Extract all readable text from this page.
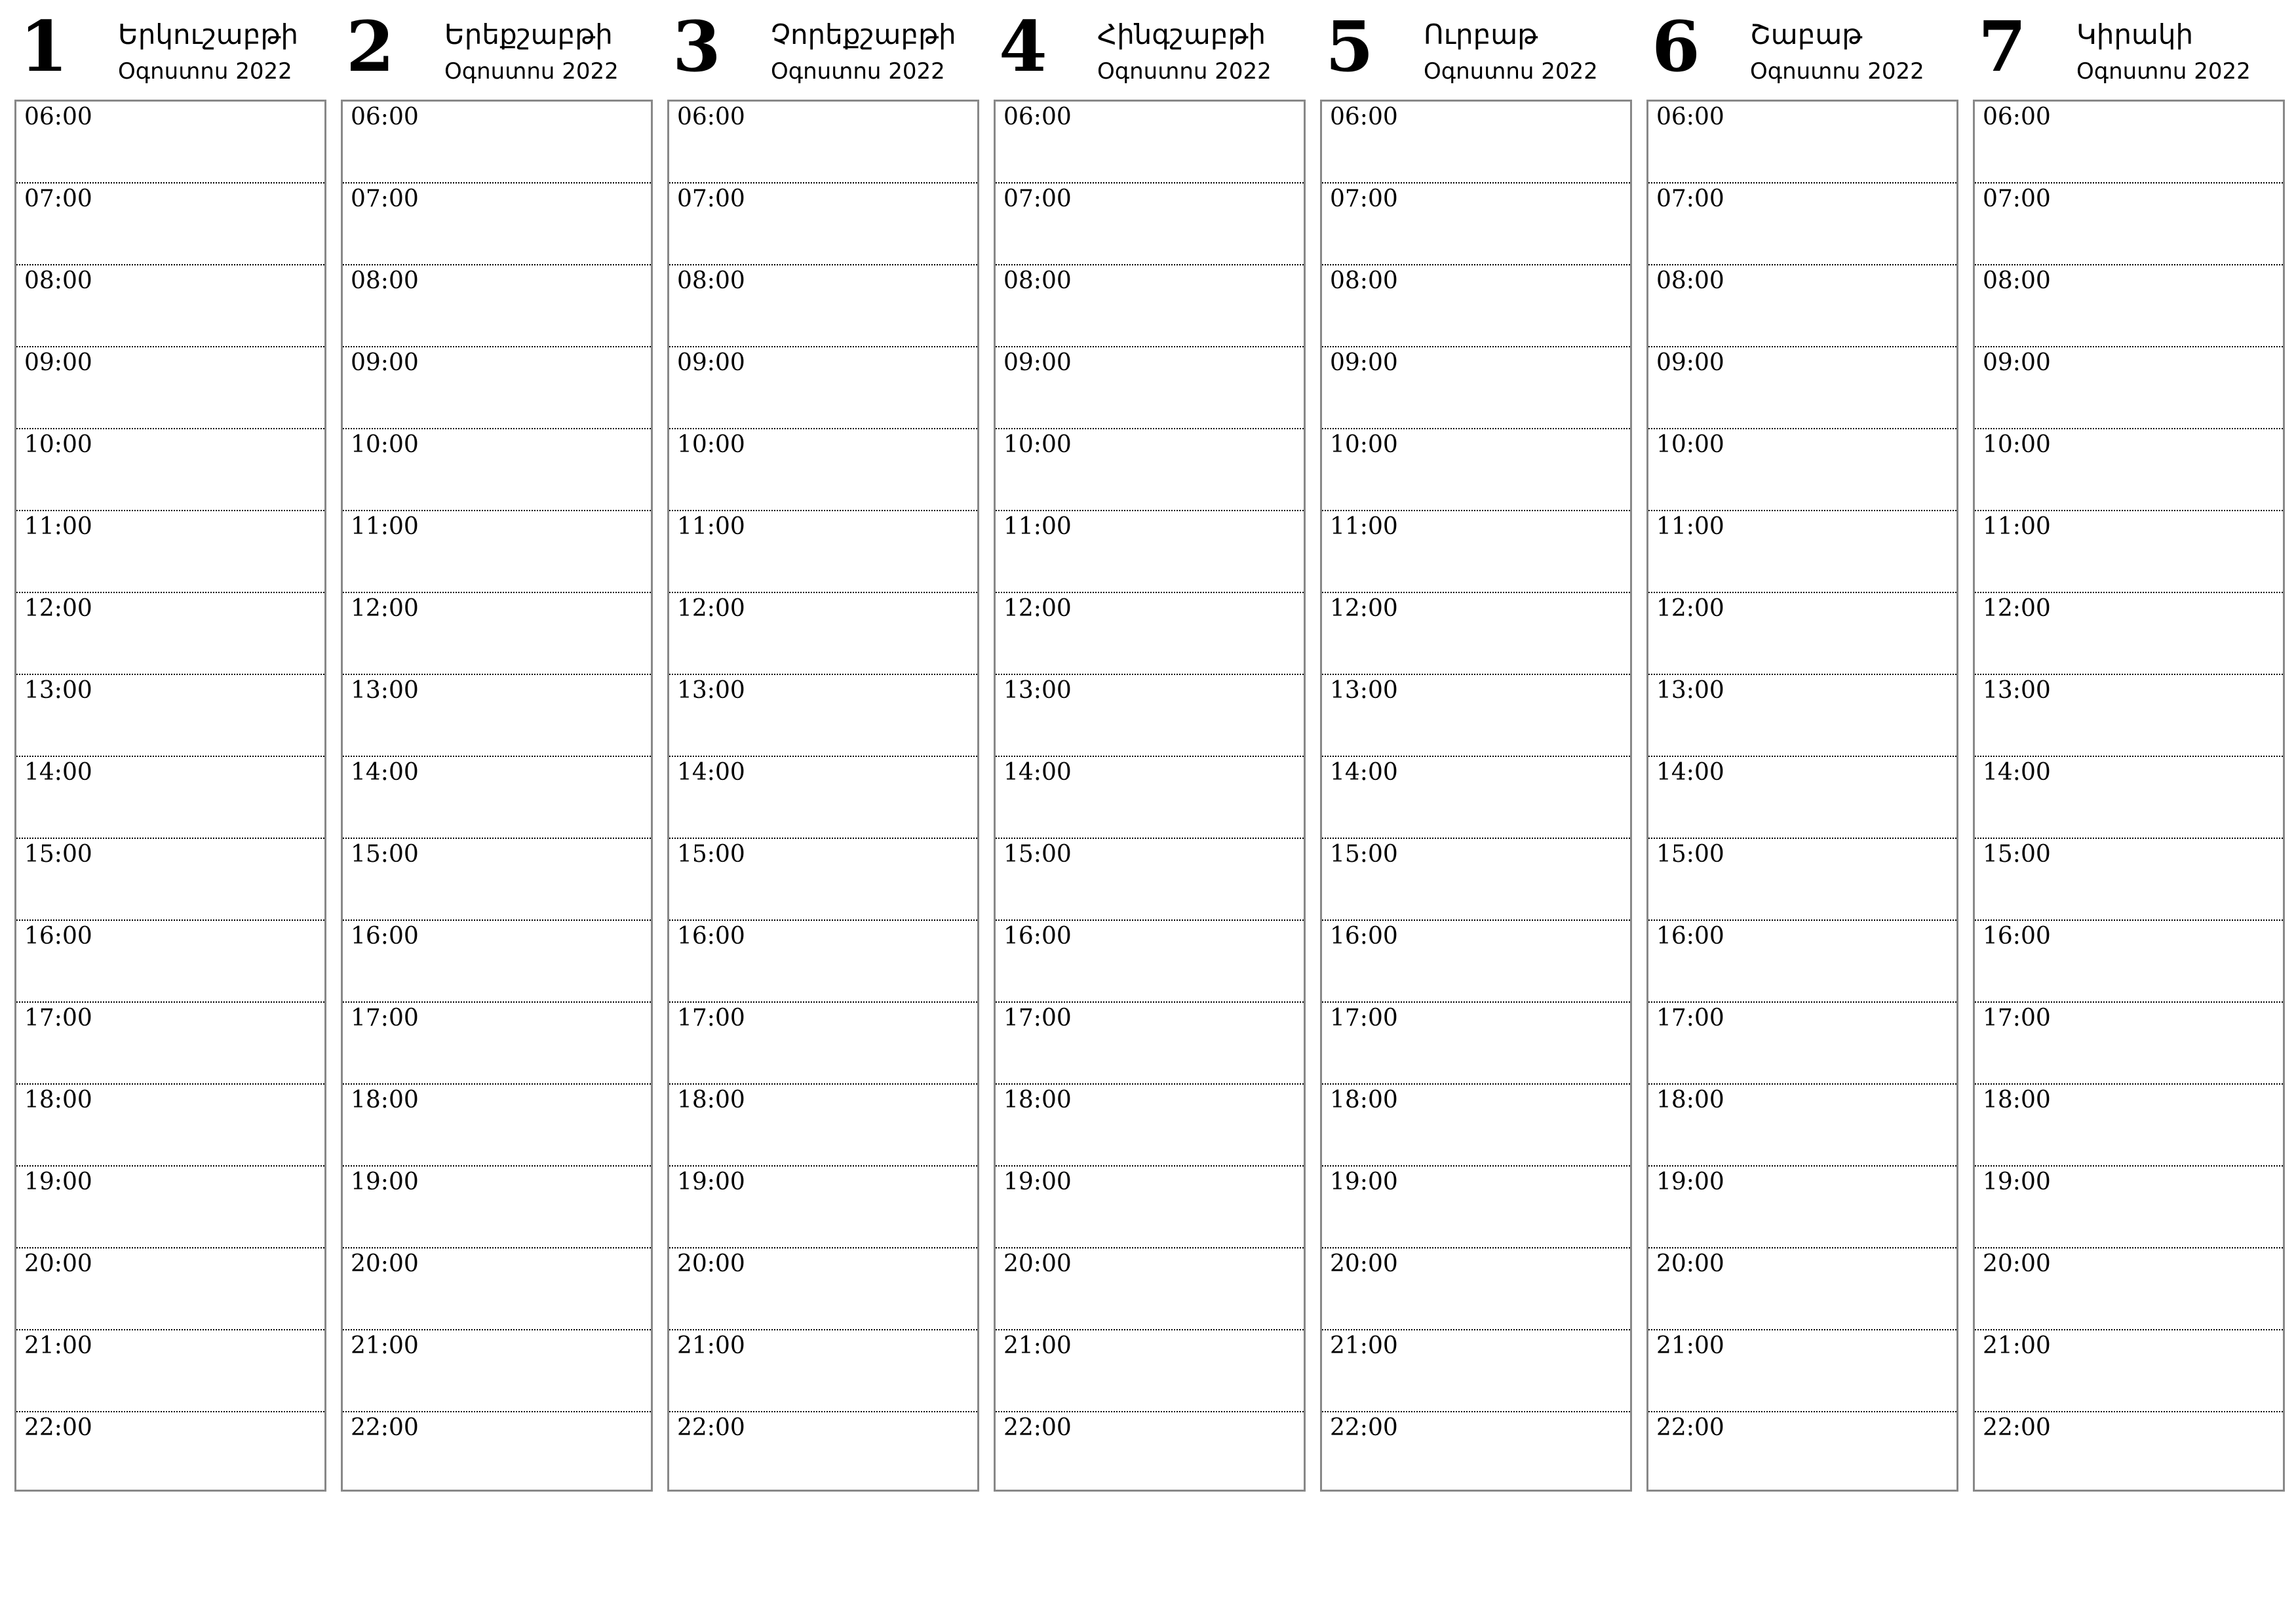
1 Երկուշաբթի
Օգոստոս 2022
06:00
07:00
08:00
09:00
10:00
11:00
12:00
13:00
14:00
15:00
16:00
17:00
18:00
19:00
20:00
21:00
22:00
2 Երեքշաբթի
Օգոստոս 2022
06:00
07:00
08:00
09:00
10:00
11:00
12:00
13:00
14:00
15:00
16:00
17:00
18:00
19:00
20:00
21:00
22:00
3 Չորեքշաբթի
Օգոստոս 2022
06:00
07:00
08:00
09:00
10:00
11:00
12:00
13:00
14:00
15:00
16:00
17:00
18:00
19:00
20:00
21:00
22:00
4 Հինգշաբթի
Օգոստոս 2022
06:00
07:00
08:00
09:00
10:00
11:00
12:00
13:00
14:00
15:00
16:00
17:00
18:00
19:00
20:00
21:00
22:00
5 Ուրբաթ
Օգոստոս 2022
06:00
07:00
08:00
09:00
10:00
11:00
12:00
13:00
14:00
15:00
16:00
17:00
18:00
19:00
20:00
21:00
22:00
6 Շաբաթ
Օգոստոս 2022
06:00
07:00
08:00
09:00
10:00
11:00
12:00
13:00
14:00
15:00
16:00
17:00
18:00
19:00
20:00
21:00
22:00
7 Կիրակի
Օգոստոս 2022
06:00
07:00
08:00
09:00
10:00
11:00
12:00
13:00
14:00
15:00
16:00
17:00
18:00
19:00
20:00
21:00
22:00
